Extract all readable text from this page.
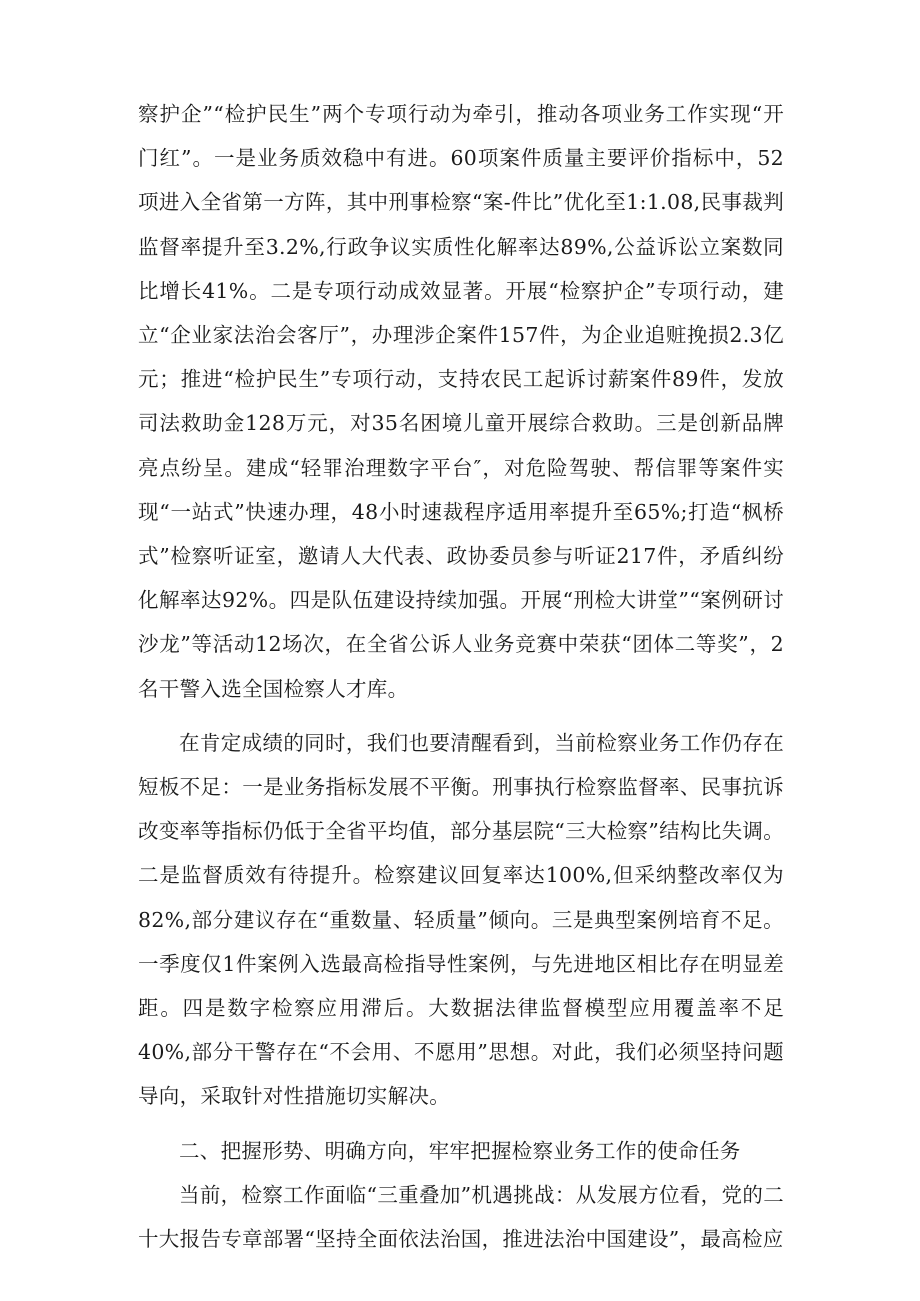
察护企”“检护民生”两个专项行动为牵引，推动各项业务工作实现“开门红”。一是业务质效稳中有进。60项案件质量主要评价指标中，52项进入全省第一方阵，其中刑事检察“案-件比”优化至1:1.08,民事裁判监督率提升至3.2%,行政争议实质性化解率达89%,公益诉讼立案数同比增长41%。二是专项行动成效显著。开展“检察护企”专项行动，建立“企业家法治会客厅”，办理涉企案件157件，为企业追赃挽损2.3亿元；推进“检护民生”专项行动，支持农民工起诉讨薪案件89件，发放司法救助金128万元，对35名困境儿童开展综合救助。三是创新品牌亮点纷呈。建成“轻罪治理数字平台″，对危险驾驶、帮信罪等案件实现“一站式”快速办理，48小时速裁程序适用率提升至65%;打造“枫桥式”检察听证室，邀请人大代表、政协委员参与听证217件，矛盾纠纷化解率达92%。四是队伍建设持续加强。开展“刑检大讲堂”“案例研讨沙龙”等活动12场次，在全省公诉人业务竞赛中荣获“团体二等奖”，2名干警入选全国检察人才库。

在肯定成绩的同时，我们也要清醒看到，当前检察业务工作仍存在短板不足：一是业务指标发展不平衡。刑事执行检察监督率、民事抗诉改变率等指标仍低于全省平均值，部分基层院“三大检察”结构比失调。二是监督质效有待提升。检察建议回复率达100%,但采纳整改率仅为82%,部分建议存在“重数量、轻质量”倾向。三是典型案例培育不足。一季度仅1件案例入选最高检指导性案例，与先进地区相比存在明显差距。四是数字检察应用滞后。大数据法律监督模型应用覆盖率不足40%,部分干警存在“不会用、不愿用”思想。对此，我们必须坚持问题导向，采取针对性措施切实解决。

二、把握形势、明确方向，牢牢把握检察业务工作的使命任务

当前，检察工作面临“三重叠加”机遇挑战：从发展方位看，党的二十大报告专章部署“坚持全面依法治国，推进法治中国建设”，最高检应
